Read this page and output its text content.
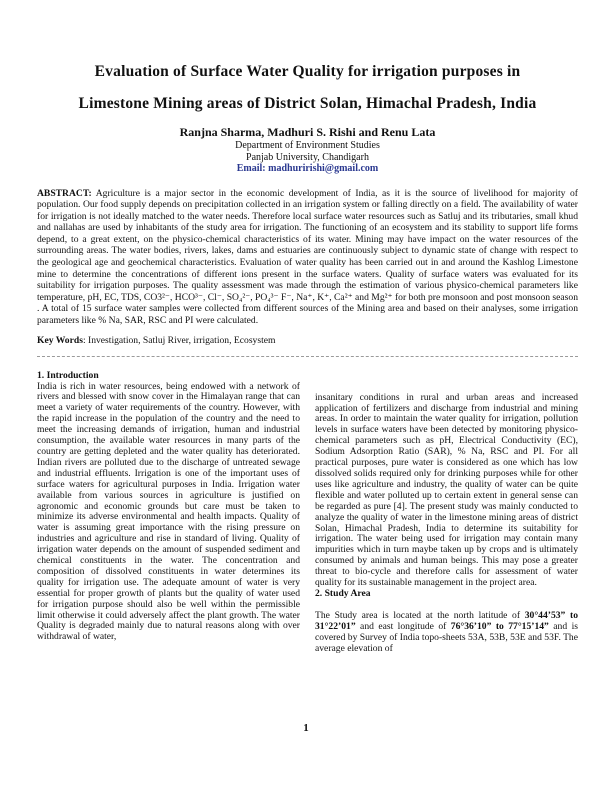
Evaluation of Surface Water Quality for irrigation purposes in
Limestone Mining areas of District Solan, Himachal Pradesh, India
Ranjna Sharma, Madhuri S. Rishi and Renu Lata
Department of Environment Studies
Panjab University, Chandigarh
Email: madhuririshi@gmail.com

ABSTRACT: Agriculture is a major sector in the economic development of India, as it is the source of livelihood for majority of population. Our food supply depends on precipitation collected in an irrigation system or falling directly on a field. The availability of water for irrigation is not ideally matched to the water needs. Therefore local surface water resources such as Satluj and its tributaries, small khud and nallahas are used by inhabitants of the study area for irrigation. The functioning of an ecosystem and its stability to support life forms depend, to a great extent, on the physico-chemical characteristics of its water. Mining may have impact on the water resources of the surrounding areas. The water bodies, rivers, lakes, dams and estuaries are continuously subject to dynamic state of change with respect to the geological age and geochemical characteristics. Evaluation of water quality has been carried out in and around the Kashlog Limestone mine to determine the concentrations of different ions present in the surface waters. Quality of surface waters was evaluated for its suitability for irrigation purposes. The quality assessment was made through the estimation of various physico-chemical parameters like temperature, pH, EC, TDS, CO3²⁻, HCO³⁻, Cl⁻, SO₄²⁻, PO₄³⁻ F⁻, Na⁺, K⁺, Ca²⁺ and Mg²⁺ for both pre monsoon and post monsoon season . A total of 15 surface water samples were collected from different sources of the Mining area and based on their analyses, some irrigation parameters like % Na, SAR, RSC and PI were calculated.

Key Words: Investigation, Satluj River, irrigation, Ecosystem

1. Introduction

India is rich in water resources, being endowed with a network of rivers and blessed with snow cover in the Himalayan range that can meet a variety of water requirements of the country. However, with the rapid increase in the population of the country and the need to meet the increasing demands of irrigation, human and industrial consumption, the available water resources in many parts of the country are getting depleted and the water quality has deteriorated. Indian rivers are polluted due to the discharge of untreated sewage and industrial effluents. Irrigation is one of the important uses of surface waters for agricultural purposes in India. Irrigation water available from various sources in agriculture is justified on agronomic and economic grounds but care must be taken to minimize its adverse environmental and health impacts. Quality of water is assuming great importance with the rising pressure on industries and agriculture and rise in standard of living. Quality of irrigation water depends on the amount of suspended sediment and chemical constituents in the water. The concentration and composition of dissolved constituents in water determines its quality for irrigation use. The adequate amount of water is very essential for proper growth of plants but the quality of water used for irrigation purpose should also be well within the permissible limit otherwise it could adversely affect the plant growth. The water Quality is degraded mainly due to natural reasons along with over withdrawal of water,

insanitary conditions in rural and urban areas and increased application of fertilizers and discharge from industrial and mining areas. In order to maintain the water quality for irrigation, pollution levels in surface waters have been detected by monitoring physico-chemical parameters such as pH, Electrical Conductivity (EC), Sodium Adsorption Ratio (SAR), % Na, RSC and PI. For all practical purposes, pure water is considered as one which has low dissolved solids required only for drinking purposes while for other uses like agriculture and industry, the quality of water can be quite flexible and water polluted up to certain extent in general sense can be regarded as pure [4]. The present study was mainly conducted to analyze the quality of water in the limestone mining areas of district Solan, Himachal Pradesh, India to determine its suitability for irrigation. The water being used for irrigation may contain many impurities which in turn maybe taken up by crops and is ultimately consumed by animals and human beings. This may pose a greater threat to bio-cycle and therefore calls for assessment of water quality for its sustainable management in the project area.

2. Study Area

The Study area is located at the north latitude of 30°44’53” to 31°22’01” and east longitude of 76°36’10” to 77°15’14” and is covered by Survey of India topo-sheets 53A, 53B, 53E and 53F. The average elevation of

1
